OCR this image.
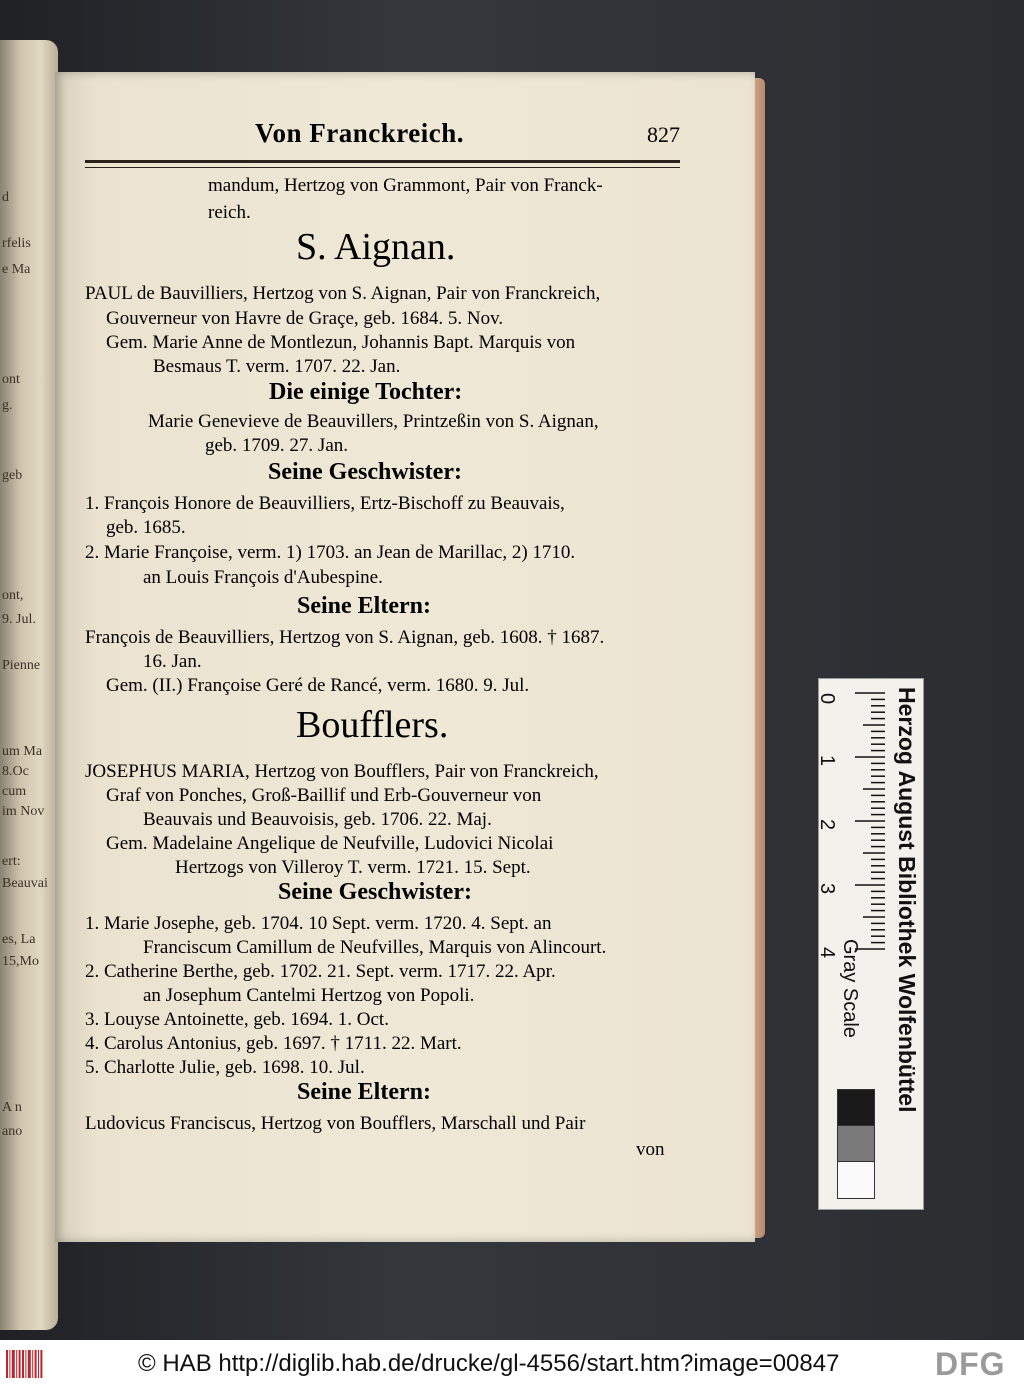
d
rfelis
e Ma
ont
g.
geb
ont,
9. Jul.
Pienne
um Ma
8.Oc
cum
im Nov
ert:
Beauvai
es, La
15,Mo
A n
ano
Von Franckreich.	827
mandum, Hertzog von Grammont, Pair von Franck-
reich.
S. Aignan.
PAUL de Bauvilliers, Hertzog von S. Aignan, Pair von Franckreich,
Gouverneur von Havre de Graçe, geb. 1684. 5. Nov.
Gem. Marie Anne de Montlezun, Johannis Bapt. Marquis von
Besmaus T. verm. 1707. 22. Jan.
Die einige Tochter:
Marie Genevieve de Beauvillers, Printzeßin von S. Aignan,
geb. 1709. 27. Jan.
Seine Geschwister:
1. François Honore de Beauvilliers, Ertz-Bischoff zu Beauvais,
geb. 1685.
2. Marie Françoise, verm. 1) 1703. an Jean de Marillac, 2) 1710.
an Louis François d'Aubespine.
Seine Eltern:
François de Beauvilliers, Hertzog von S. Aignan, geb. 1608. † 1687.
16. Jan.
Gem. (II.) Françoise Geré de Rancé, verm. 1680. 9. Jul.
Boufflers.
JOSEPHUS MARIA, Hertzog von Boufflers, Pair von Franckreich,
Graf von Ponches, Groß-Baillif und Erb-Gouverneur von
Beauvais und Beauvoisis, geb. 1706. 22. Maj.
Gem. Madelaine Angelique de Neufville, Ludovici Nicolai
Hertzogs von Villeroy T. verm. 1721. 15. Sept.
Seine Geschwister:
1. Marie Josephe, geb. 1704. 10 Sept. verm. 1720. 4. Sept. an
Franciscum Camillum de Neufvilles, Marquis von Alincourt.
2. Catherine Berthe, geb. 1702. 21. Sept. verm. 1717. 22. Apr.
an Josephum Cantelmi Hertzog von Popoli.
3. Louyse Antoinette, geb. 1694. 1. Oct.
4. Carolus Antonius, geb. 1697. † 1711. 22. Mart.
5. Charlotte Julie, geb. 1698. 10. Jul.
Seine Eltern:
Ludovicus Franciscus, Hertzog von Boufflers, Marschall und Pair
von
0
1
2
3
4 Herzog August Bibliothek Wolfenbüttel
Gray Scale
© HAB http://diglib.hab.de/drucke/gl-4556/start.htm?image=00847	DFG
